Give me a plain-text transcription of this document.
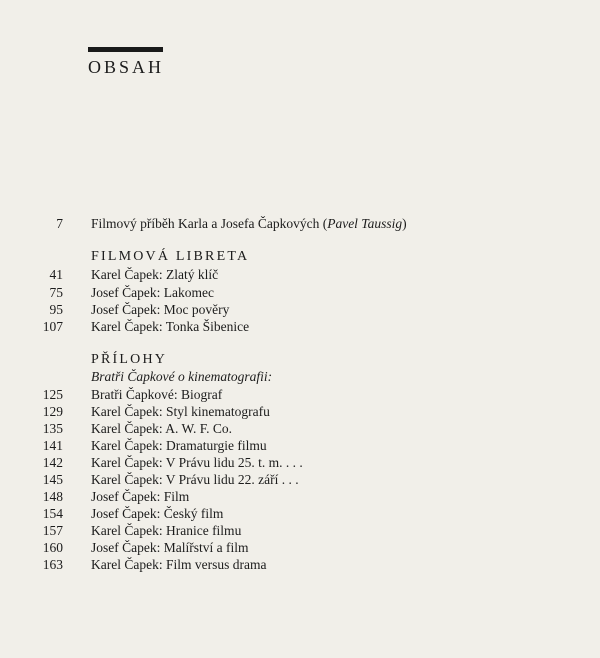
OBSAH
7 Filmový příběh Karla a Josefa Čapkových (Pavel Taussig)
FILMOVÁ LIBRETA
41 Karel Čapek: Zlatý klíč
75 Josef Čapek: Lakomec
95 Josef Čapek: Moc pověry
107 Karel Čapek: Tonka Šibenice
PŘÍLOHY
Bratři Čapkové o kinematografii:
125 Bratři Čapkové: Biograf
129 Karel Čapek: Styl kinematografu
135 Karel Čapek: A. W. F. Co.
141 Karel Čapek: Dramaturgie filmu
142 Karel Čapek: V Právu lidu 25. t. m. . . .
145 Karel Čapek: V Právu lidu 22. září . . .
148 Josef Čapek: Film
154 Josef Čapek: Český film
157 Karel Čapek: Hranice filmu
160 Josef Čapek: Malířství a film
163 Karel Čapek: Film versus drama
